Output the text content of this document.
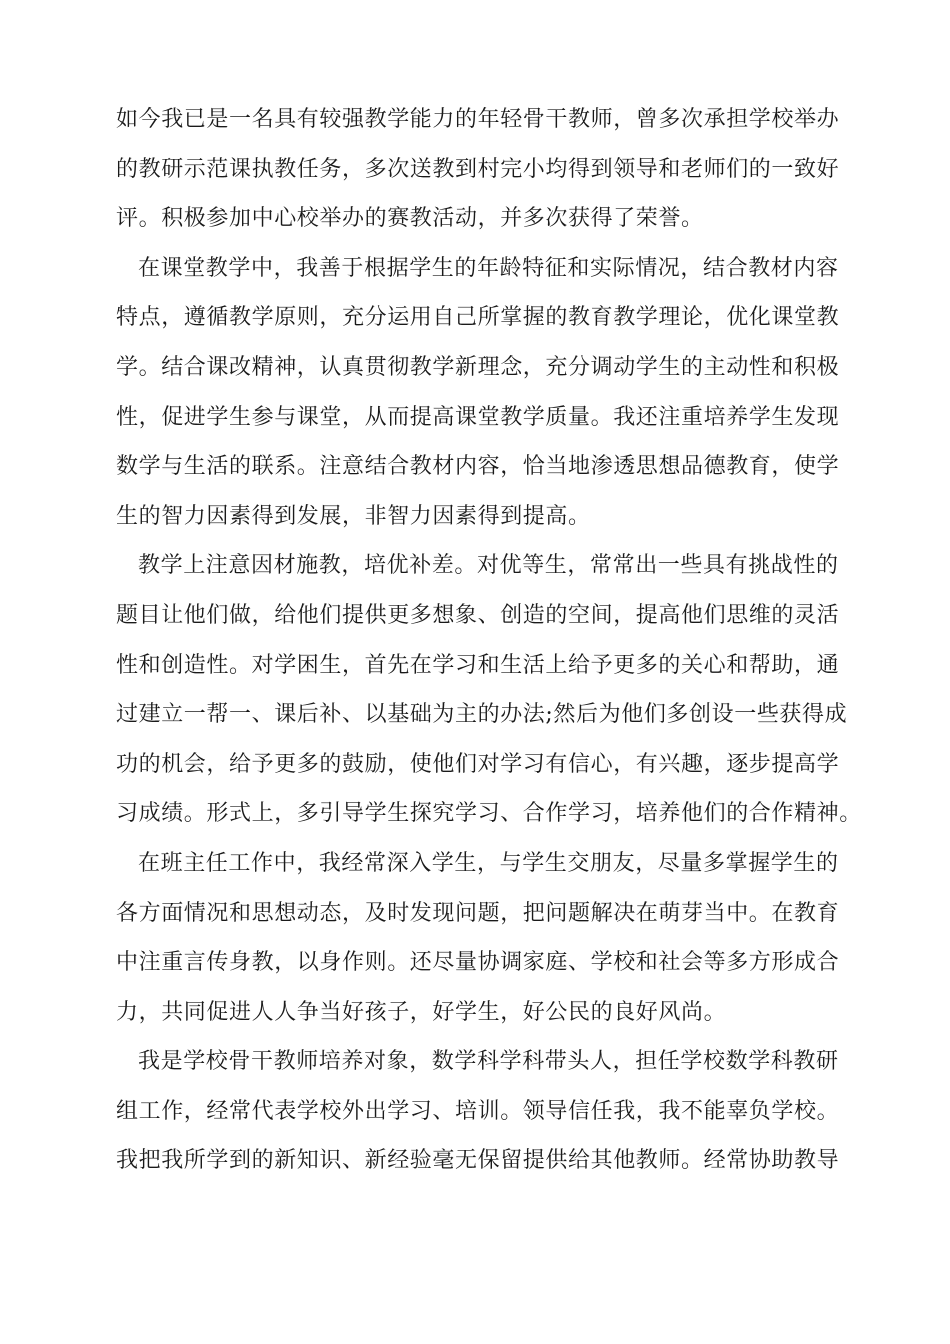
如今我已是一名具有较强教学能力的年轻骨干教师，曾多次承担学校举办
的教研示范课执教任务，多次送教到村完小均得到领导和老师们的一致好
评。积极参加中心校举办的赛教活动，并多次获得了荣誉。
在课堂教学中，我善于根据学生的年龄特征和实际情况，结合教材内容
特点，遵循教学原则，充分运用自己所掌握的教育教学理论，优化课堂教
学。结合课改精神，认真贯彻教学新理念，充分调动学生的主动性和积极
性，促进学生参与课堂，从而提高课堂教学质量。我还注重培养学生发现
数学与生活的联系。注意结合教材内容，恰当地渗透思想品德教育，使学
生的智力因素得到发展，非智力因素得到提高。
教学上注意因材施教，培优补差。对优等生，常常出一些具有挑战性的
题目让他们做，给他们提供更多想象、创造的空间，提高他们思维的灵活
性和创造性。对学困生，首先在学习和生活上给予更多的关心和帮助，通
过建立一帮一、课后补、以基础为主的办法;然后为他们多创设一些获得成
功的机会，给予更多的鼓励，使他们对学习有信心，有兴趣，逐步提高学
习成绩。形式上，多引导学生探究学习、合作学习，培养他们的合作精神。
在班主任工作中，我经常深入学生，与学生交朋友，尽量多掌握学生的
各方面情况和思想动态，及时发现问题，把问题解决在萌芽当中。在教育
中注重言传身教，以身作则。还尽量协调家庭、学校和社会等多方形成合
力，共同促进人人争当好孩子，好学生，好公民的良好风尚。
我是学校骨干教师培养对象，数学科学科带头人，担任学校数学科教研
组工作，经常代表学校外出学习、培训。领导信任我，我不能辜负学校。
我把我所学到的新知识、新经验毫无保留提供给其他教师。经常协助教导
